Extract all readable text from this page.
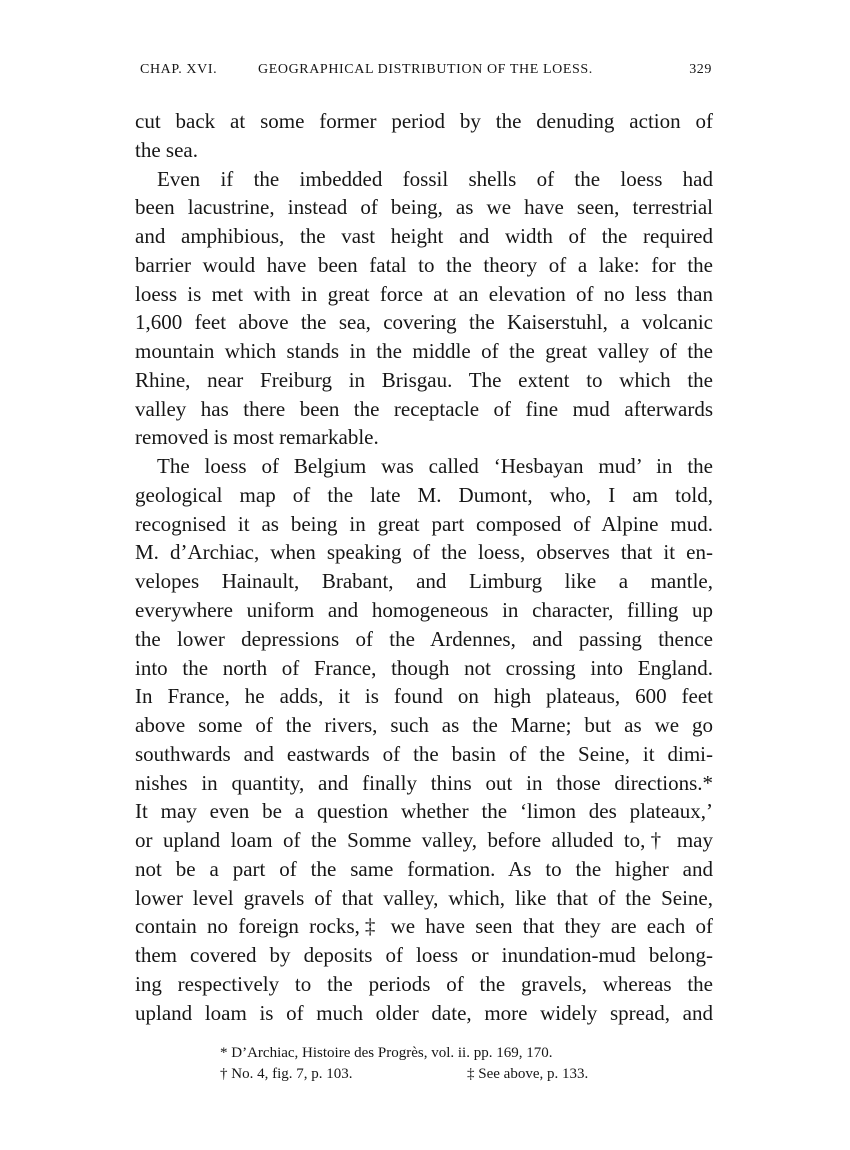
CHAP. XVI.	GEOGRAPHICAL DISTRIBUTION OF THE LOESS.	329
cut back at some former period by the denuding action of
the sea.
Even if the imbedded fossil shells of the loess had
been lacustrine, instead of being, as we have seen, terrestrial
and amphibious, the vast height and width of the required
barrier would have been fatal to the theory of a lake: for the
loess is met with in great force at an elevation of no less than
1,600 feet above the sea, covering the Kaiserstuhl, a volcanic
mountain which stands in the middle of the great valley of the
Rhine, near Freiburg in Brisgau. The extent to which the
valley has there been the receptacle of fine mud afterwards
removed is most remarkable.
The loess of Belgium was called ‘Hesbayan mud’ in the
geological map of the late M. Dumont, who, I am told,
recognised it as being in great part composed of Alpine mud.
M. d’Archiac, when speaking of the loess, observes that it en-
velopes Hainault, Brabant, and Limburg like a mantle,
everywhere uniform and homogeneous in character, filling up
the lower depressions of the Ardennes, and passing thence
into the north of France, though not crossing into England.
In France, he adds, it is found on high plateaus, 600 feet
above some of the rivers, such as the Marne; but as we go
southwards and eastwards of the basin of the Seine, it dimi-
nishes in quantity, and finally thins out in those directions.*
It may even be a question whether the ‘limon des plateaux,’
or upland loam of the Somme valley, before alluded to,† may
not be a part of the same formation. As to the higher and
lower level gravels of that valley, which, like that of the Seine,
contain no foreign rocks,‡ we have seen that they are each of
them covered by deposits of loess or inundation-mud belong-
ing respectively to the periods of the gravels, whereas the
upland loam is of much older date, more widely spread, and
* D’Archiac, Histoire des Progrès, vol. ii. pp. 169, 170.
† No. 4, fig. 7, p. 103.	‡ See above, p. 133.
